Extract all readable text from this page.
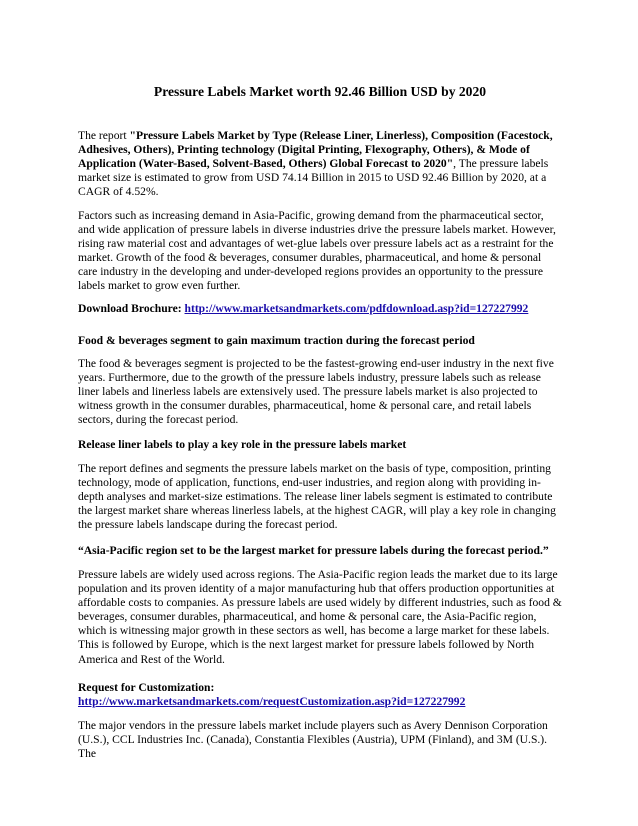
Pressure Labels Market worth 92.46 Billion USD by 2020

The report "Pressure Labels Market by Type (Release Liner, Linerless), Composition (Facestock, Adhesives, Others), Printing technology (Digital Printing, Flexography, Others), & Mode of Application (Water-Based, Solvent-Based, Others) Global Forecast to 2020", The pressure labels market size is estimated to grow from USD 74.14 Billion in 2015 to USD 92.46 Billion by 2020, at a CAGR of 4.52%.

Factors such as increasing demand in Asia-Pacific, growing demand from the pharmaceutical sector, and wide application of pressure labels in diverse industries drive the pressure labels market. However, rising raw material cost and advantages of wet-glue labels over pressure labels act as a restraint for the market. Growth of the food & beverages, consumer durables, pharmaceutical, and home & personal care industry in the developing and under-developed regions provides an opportunity to the pressure labels market to grow even further.

Download Brochure: http://www.marketsandmarkets.com/pdfdownload.asp?id=127227992

Food & beverages segment to gain maximum traction during the forecast period

The food & beverages segment is projected to be the fastest-growing end-user industry in the next five years. Furthermore, due to the growth of the pressure labels industry, pressure labels such as release liner labels and linerless labels are extensively used. The pressure labels market is also projected to witness growth in the consumer durables, pharmaceutical, home & personal care, and retail labels sectors, during the forecast period.

Release liner labels to play a key role in the pressure labels market

The report defines and segments the pressure labels market on the basis of type, composition, printing technology, mode of application, functions, end-user industries, and region along with providing in-depth analyses and market-size estimations. The release liner labels segment is estimated to contribute the largest market share whereas linerless labels, at the highest CAGR, will play a key role in changing the pressure labels landscape during the forecast period.

“Asia-Pacific region set to be the largest market for pressure labels during the forecast period.”

Pressure labels are widely used across regions. The Asia-Pacific region leads the market due to its large population and its proven identity of a major manufacturing hub that offers production opportunities at affordable costs to companies. As pressure labels are used widely by different industries, such as food & beverages, consumer durables, pharmaceutical, and home & personal care, the Asia-Pacific region, which is witnessing major growth in these sectors as well, has become a large market for these labels. This is followed by Europe, which is the next largest market for pressure labels followed by North America and Rest of the World.

Request for Customization:
http://www.marketsandmarkets.com/requestCustomization.asp?id=127227992

The major vendors in the pressure labels market include players such as Avery Dennison Corporation (U.S.), CCL Industries Inc. (Canada), Constantia Flexibles (Austria), UPM (Finland), and 3M (U.S.). The
